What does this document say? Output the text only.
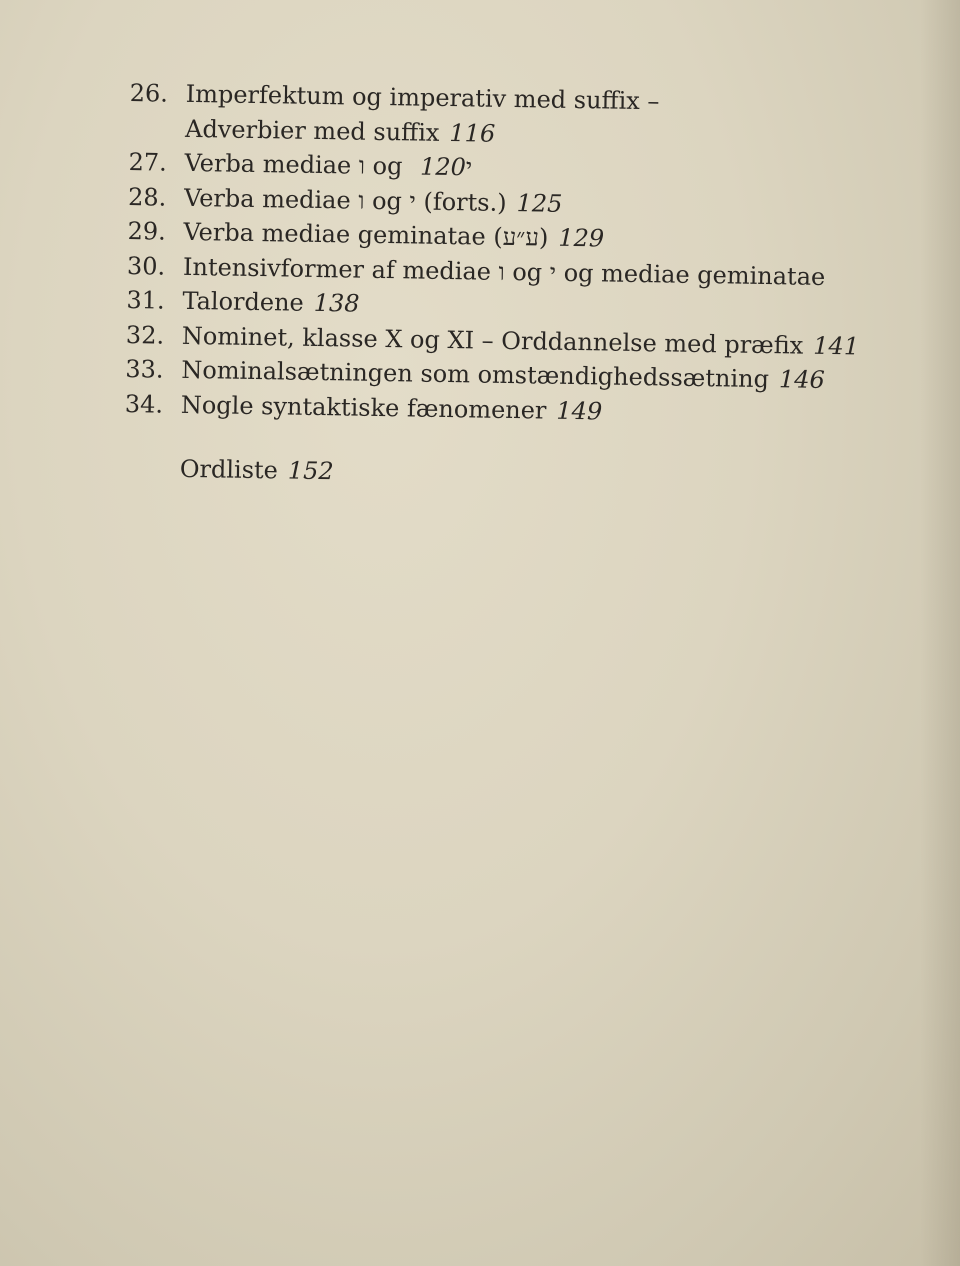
26. Imperfektum og imperativ med suffix –
Adverbier med suffix 116
27. Verba mediae ו og י120
28. Verba mediae ו og י (forts.) 125
29. Verba mediae geminatae (ע״ע) 129
30. Intensivformer af mediae ו og י og mediae geminatae
31. Talordene 138
32. Nominet, klasse X og XI – Orddannelse med præfix 141
33. Nominalsætningen som omstændighedssætning 146
34. Nogle syntaktiske fænomener 149
Ordliste 152
